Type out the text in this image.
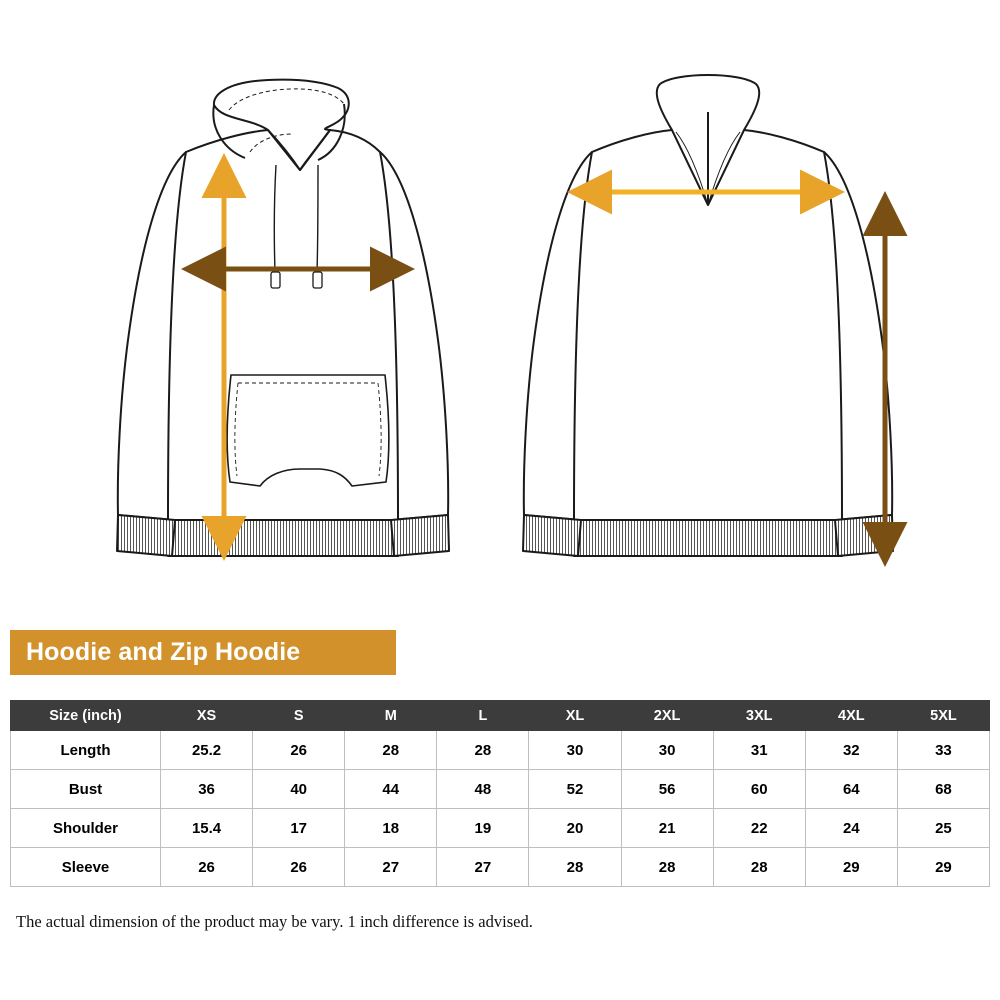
Hoodie and Zip Hoodie
Size (inch)	XS	S	M	L	XL	2XL	3XL	4XL	5XL
Length	25.2	26	28	28	30	30	31	32	33
Bust	36	40	44	48	52	56	60	64	68
Shoulder	15.4	17	18	19	20	21	22	24	25
Sleeve	26	26	27	27	28	28	28	29	29
The actual dimension of the product may be vary. 1 inch difference is advised.
